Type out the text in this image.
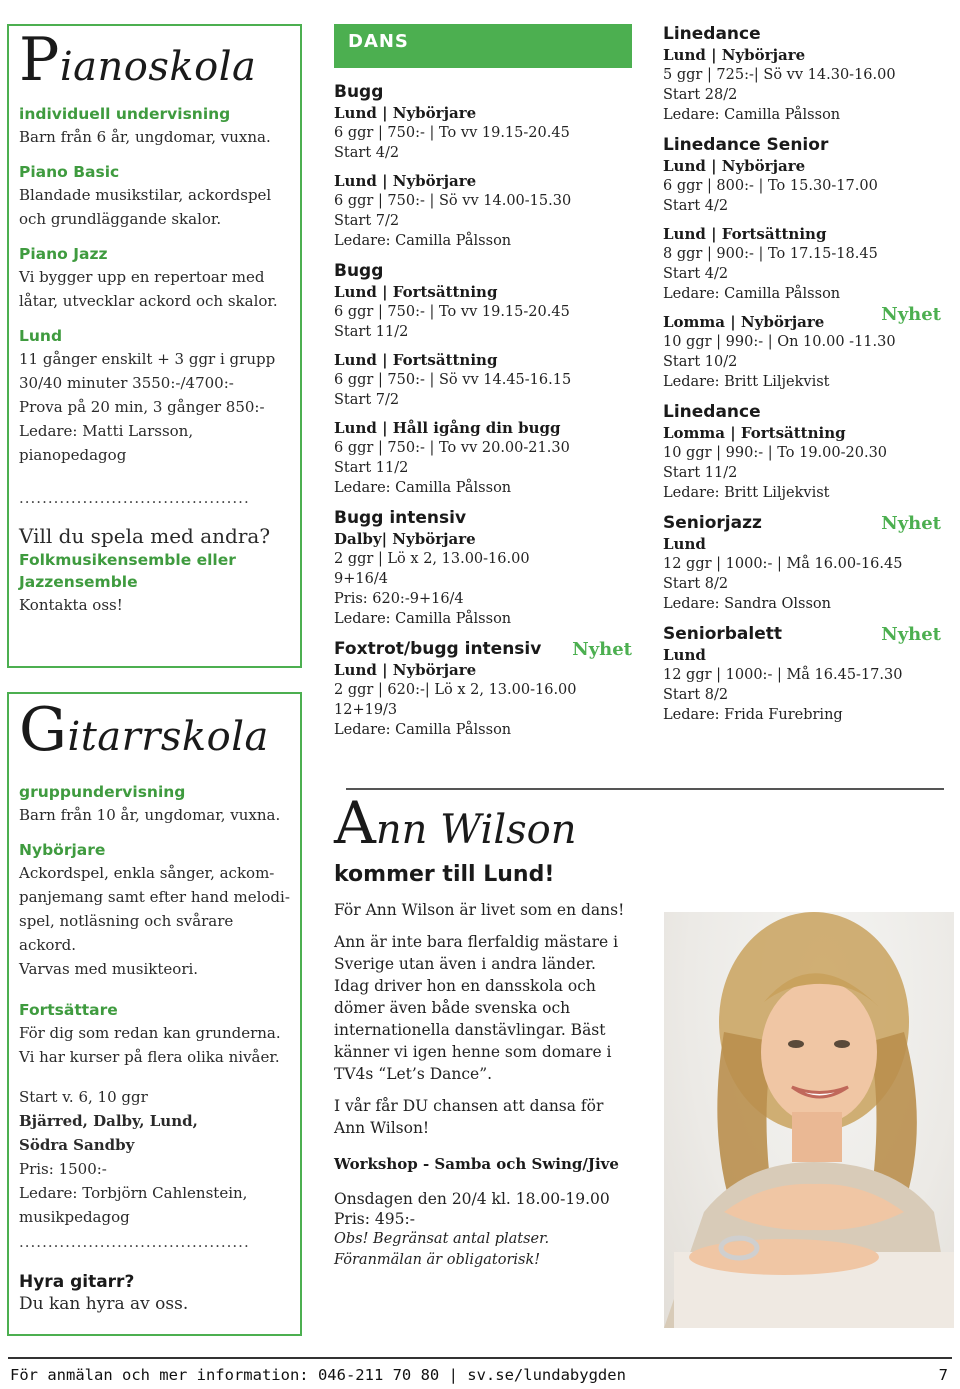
Pianoskola
individuell undervisning
Barn från 6 år, ungdomar, vuxna.
Piano Basic
Blandade musikstilar, ackordspel
och grundläggande skalor.
Piano Jazz
Vi bygger upp en repertoar med
låtar, utvecklar ackord och skalor.
Lund
11 gånger enskilt + 3 ggr i grupp
30/40 minuter 3550:-/4700:-
Prova på 20 min, 3 gånger 850:-
Ledare: Matti Larsson,
pianopedagog
........................................
Vill du spela med andra?
Folkmusikensemble eller
Jazzensemble
Kontakta oss!
Gitarrskola
gruppundervisning
Barn från 10 år, ungdomar, vuxna.
Nybörjare
Ackordspel, enkla sånger, ackom-
panjemang samt efter hand melodi-
spel, notläsning och svårare ackord.
Varvas med musikteori.
Fortsättare
För dig som redan kan grunderna.
Vi har kurser på flera olika nivåer.
Start v. 6, 10 ggr
Bjärred, Dalby, Lund,
Södra Sandby
Pris: 1500:-
Ledare: Torbjörn Cahlenstein,
musikpedagog
........................................
Hyra gitarr?
Du kan hyra av oss.
DANS
Bugg
Lund | Nybörjare
6 ggr | 750:- | To vv 19.15-20.45
Start 4/2
Lund | Nybörjare
6 ggr | 750:- | Sö vv 14.00-15.30
Start 7/2
Ledare: Camilla Pålsson
Bugg
Lund | Fortsättning
6 ggr | 750:- | To vv 19.15-20.45
Start 11/2
Lund | Fortsättning
6 ggr | 750:- | Sö vv 14.45-16.15
Start 7/2
Lund | Håll igång din bugg
6 ggr | 750:- | To vv 20.00-21.30
Start 11/2
Ledare: Camilla Pålsson
Bugg intensiv
Dalby| Nybörjare
2 ggr | Lö x 2, 13.00-16.00
9+16/4
Pris: 620:-9+16/4
Ledare: Camilla Pålsson
Foxtrot/bugg intensiv	Nyhet
Lund | Nybörjare
2 ggr | 620:-| Lö x 2, 13.00-16.00
12+19/3
Ledare: Camilla Pålsson
Linedance
Lund | Nybörjare
5 ggr | 725:-| Sö vv 14.30-16.00
Start 28/2
Ledare: Camilla Pålsson
Linedance Senior
Lund | Nybörjare
6 ggr | 800:- | To 15.30-17.00
Start 4/2
Lund | Fortsättning
8 ggr | 900:- | To 17.15-18.45
Start 4/2
Ledare: Camilla Pålsson
Lomma | Nybörjare	Nyhet
10 ggr | 990:- | On 10.00 -11.30
Start 10/2
Ledare: Britt Liljekvist
Linedance
Lomma | Fortsättning
10 ggr | 990:- | To 19.00-20.30
Start 11/2
Ledare: Britt Liljekvist
Seniorjazz	Nyhet
Lund
12 ggr | 1000:- | Må 16.00-16.45
Start 8/2
Ledare: Sandra Olsson
Seniorbalett	Nyhet
Lund
12 ggr | 1000:- | Må 16.45-17.30
Start 8/2
Ledare: Frida Furebring
Ann Wilson
kommer till Lund!
För Ann Wilson är livet som en dans!
Ann är inte bara flerfaldig mästare i Sverige utan även i andra länder. Idag driver hon en dansskola och dömer även både svenska och internationella danstävlingar. Bäst känner vi igen henne som domare i TV4s “Let’s Dance”.
I vår får DU chansen att dansa för Ann Wilson!
Workshop - Samba och Swing/Jive
Onsdagen den 20/4 kl. 18.00-19.00
Pris: 495:-
Obs! Begränsat antal platser.
Föranmälan är obligatorisk!
För anmälan och mer information: 046-211 70 80 | sv.se/lundabygden	7
